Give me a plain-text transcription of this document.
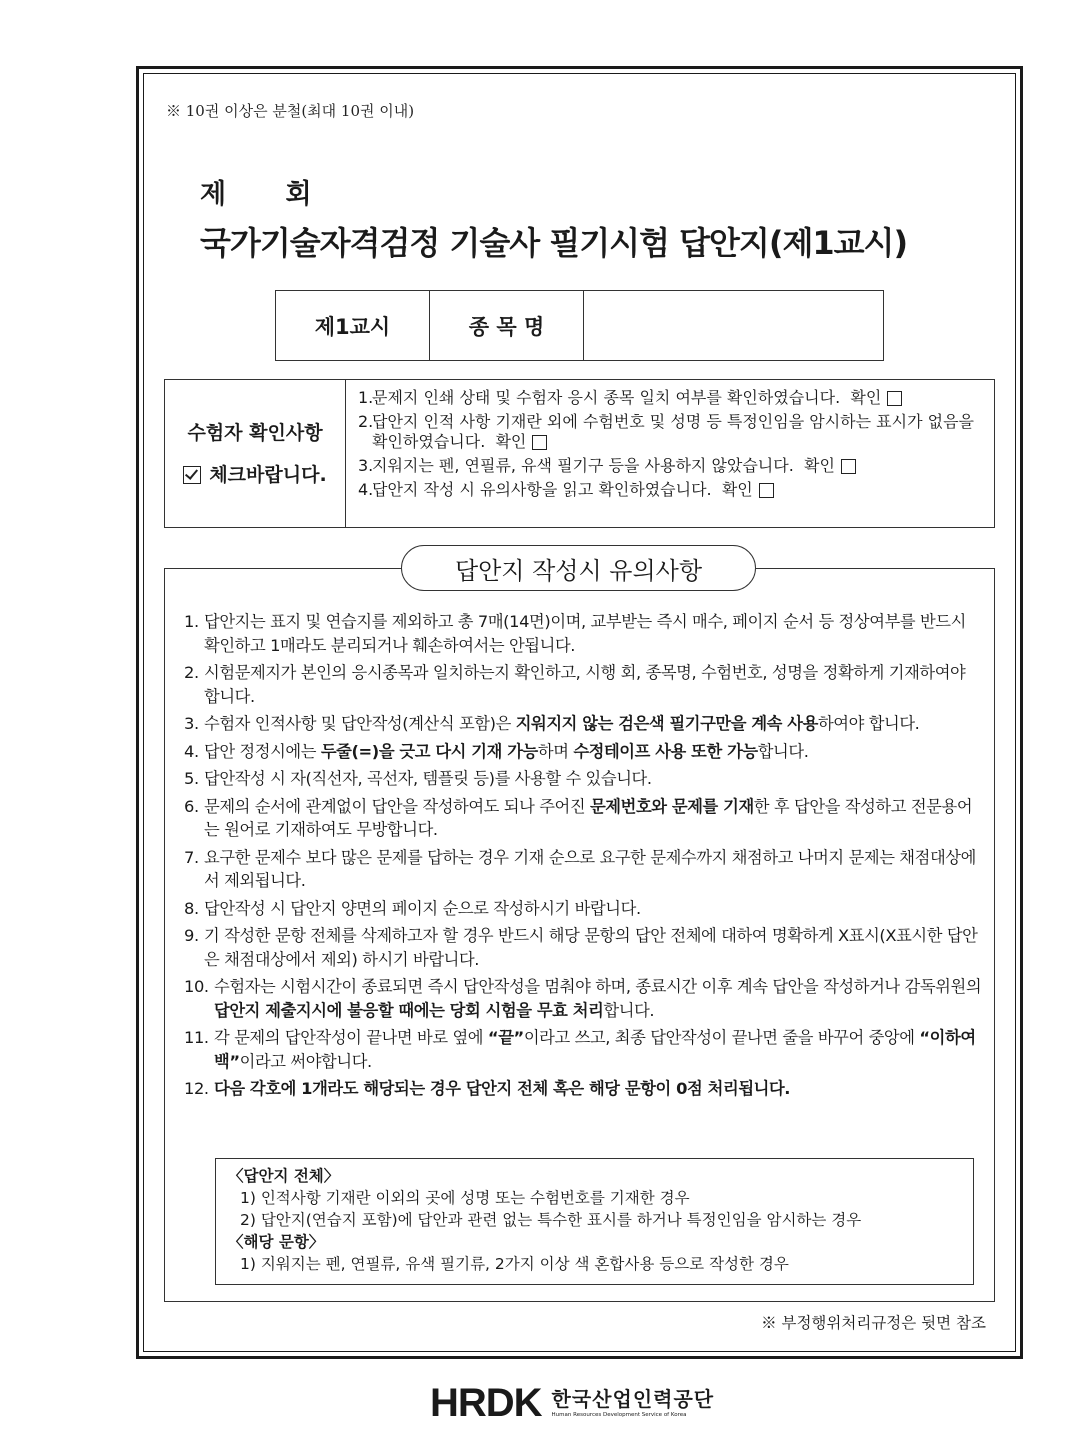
※ 10권 이상은 분철(최대 10권 이내)
제 회
국가기술자격검정 기술사 필기시험 답안지(제1교시)
제1교시	종 목 명
수험자 확인사항
체크바랍니다.
1.
문제지 인쇄 상태 및 수험자 응시 종목 일치 여부를 확인하였습니다. 확인
2.
답안지 인적 사항 기재란 외에 수험번호 및 성명 등 특정인임을 암시하는 표시가 없음을 확인하였습니다. 확인
3.
지워지는 펜, 연필류, 유색 필기구 등을 사용하지 않았습니다. 확인
4.
답안지 작성 시 유의사항을 읽고 확인하였습니다. 확인
답안지 작성시 유의사항
1. 답안지는 표지 및 연습지를 제외하고 총 7매(14면)이며, 교부받는 즉시 매수, 페이지 순서 등 정상여부를 반드시 확인하고 1매라도 분리되거나 훼손하여서는 안됩니다.
2. 시험문제지가 본인의 응시종목과 일치하는지 확인하고, 시행 회, 종목명, 수험번호, 성명을 정확하게 기재하여야 합니다.
3. 수험자 인적사항 및 답안작성(계산식 포함)은 지워지지 않는 검은색 필기구만을 계속 사용하여야 합니다.
4. 답안 정정시에는 두줄(=)을 긋고 다시 기재 가능하며 수정테이프 사용 또한 가능합니다.
5. 답안작성 시 자(직선자, 곡선자, 템플릿 등)를 사용할 수 있습니다.
6. 문제의 순서에 관계없이 답안을 작성하여도 되나 주어진 문제번호와 문제를 기재한 후 답안을 작성하고 전문용어는 원어로 기재하여도 무방합니다.
7. 요구한 문제수 보다 많은 문제를 답하는 경우 기재 순으로 요구한 문제수까지 채점하고 나머지 문제는 채점대상에서 제외됩니다.
8. 답안작성 시 답안지 양면의 페이지 순으로 작성하시기 바랍니다.
9. 기 작성한 문항 전체를 삭제하고자 할 경우 반드시 해당 문항의 답안 전체에 대하여 명확하게 X표시(X표시한 답안은 채점대상에서 제외) 하시기 바랍니다.
10. 수험자는 시험시간이 종료되면 즉시 답안작성을 멈춰야 하며, 종료시간 이후 계속 답안을 작성하거나 감독위원의 답안지 제출지시에 불응할 때에는 당회 시험을 무효 처리합니다.
11. 각 문제의 답안작성이 끝나면 바로 옆에 “끝”이라고 쓰고, 최종 답안작성이 끝나면 줄을 바꾸어 중앙에 “이하여백”이라고 써야합니다.
12. 다음 각호에 1개라도 해당되는 경우 답안지 전체 혹은 해당 문항이 0점 처리됩니다.
〈답안지 전체〉
1) 인적사항 기재란 이외의 곳에 성명 또는 수험번호를 기재한 경우
2) 답안지(연습지 포함)에 답안과 관련 없는 특수한 표시를 하거나 특정인임을 암시하는 경우
〈해당 문항〉
1) 지워지는 펜, 연필류, 유색 필기류, 2가지 이상 색 혼합사용 등으로 작성한 경우
※ 부정행위처리규정은 뒷면 참조
HRDK 한국산업인력공단
Human Resources Development Service of Korea
